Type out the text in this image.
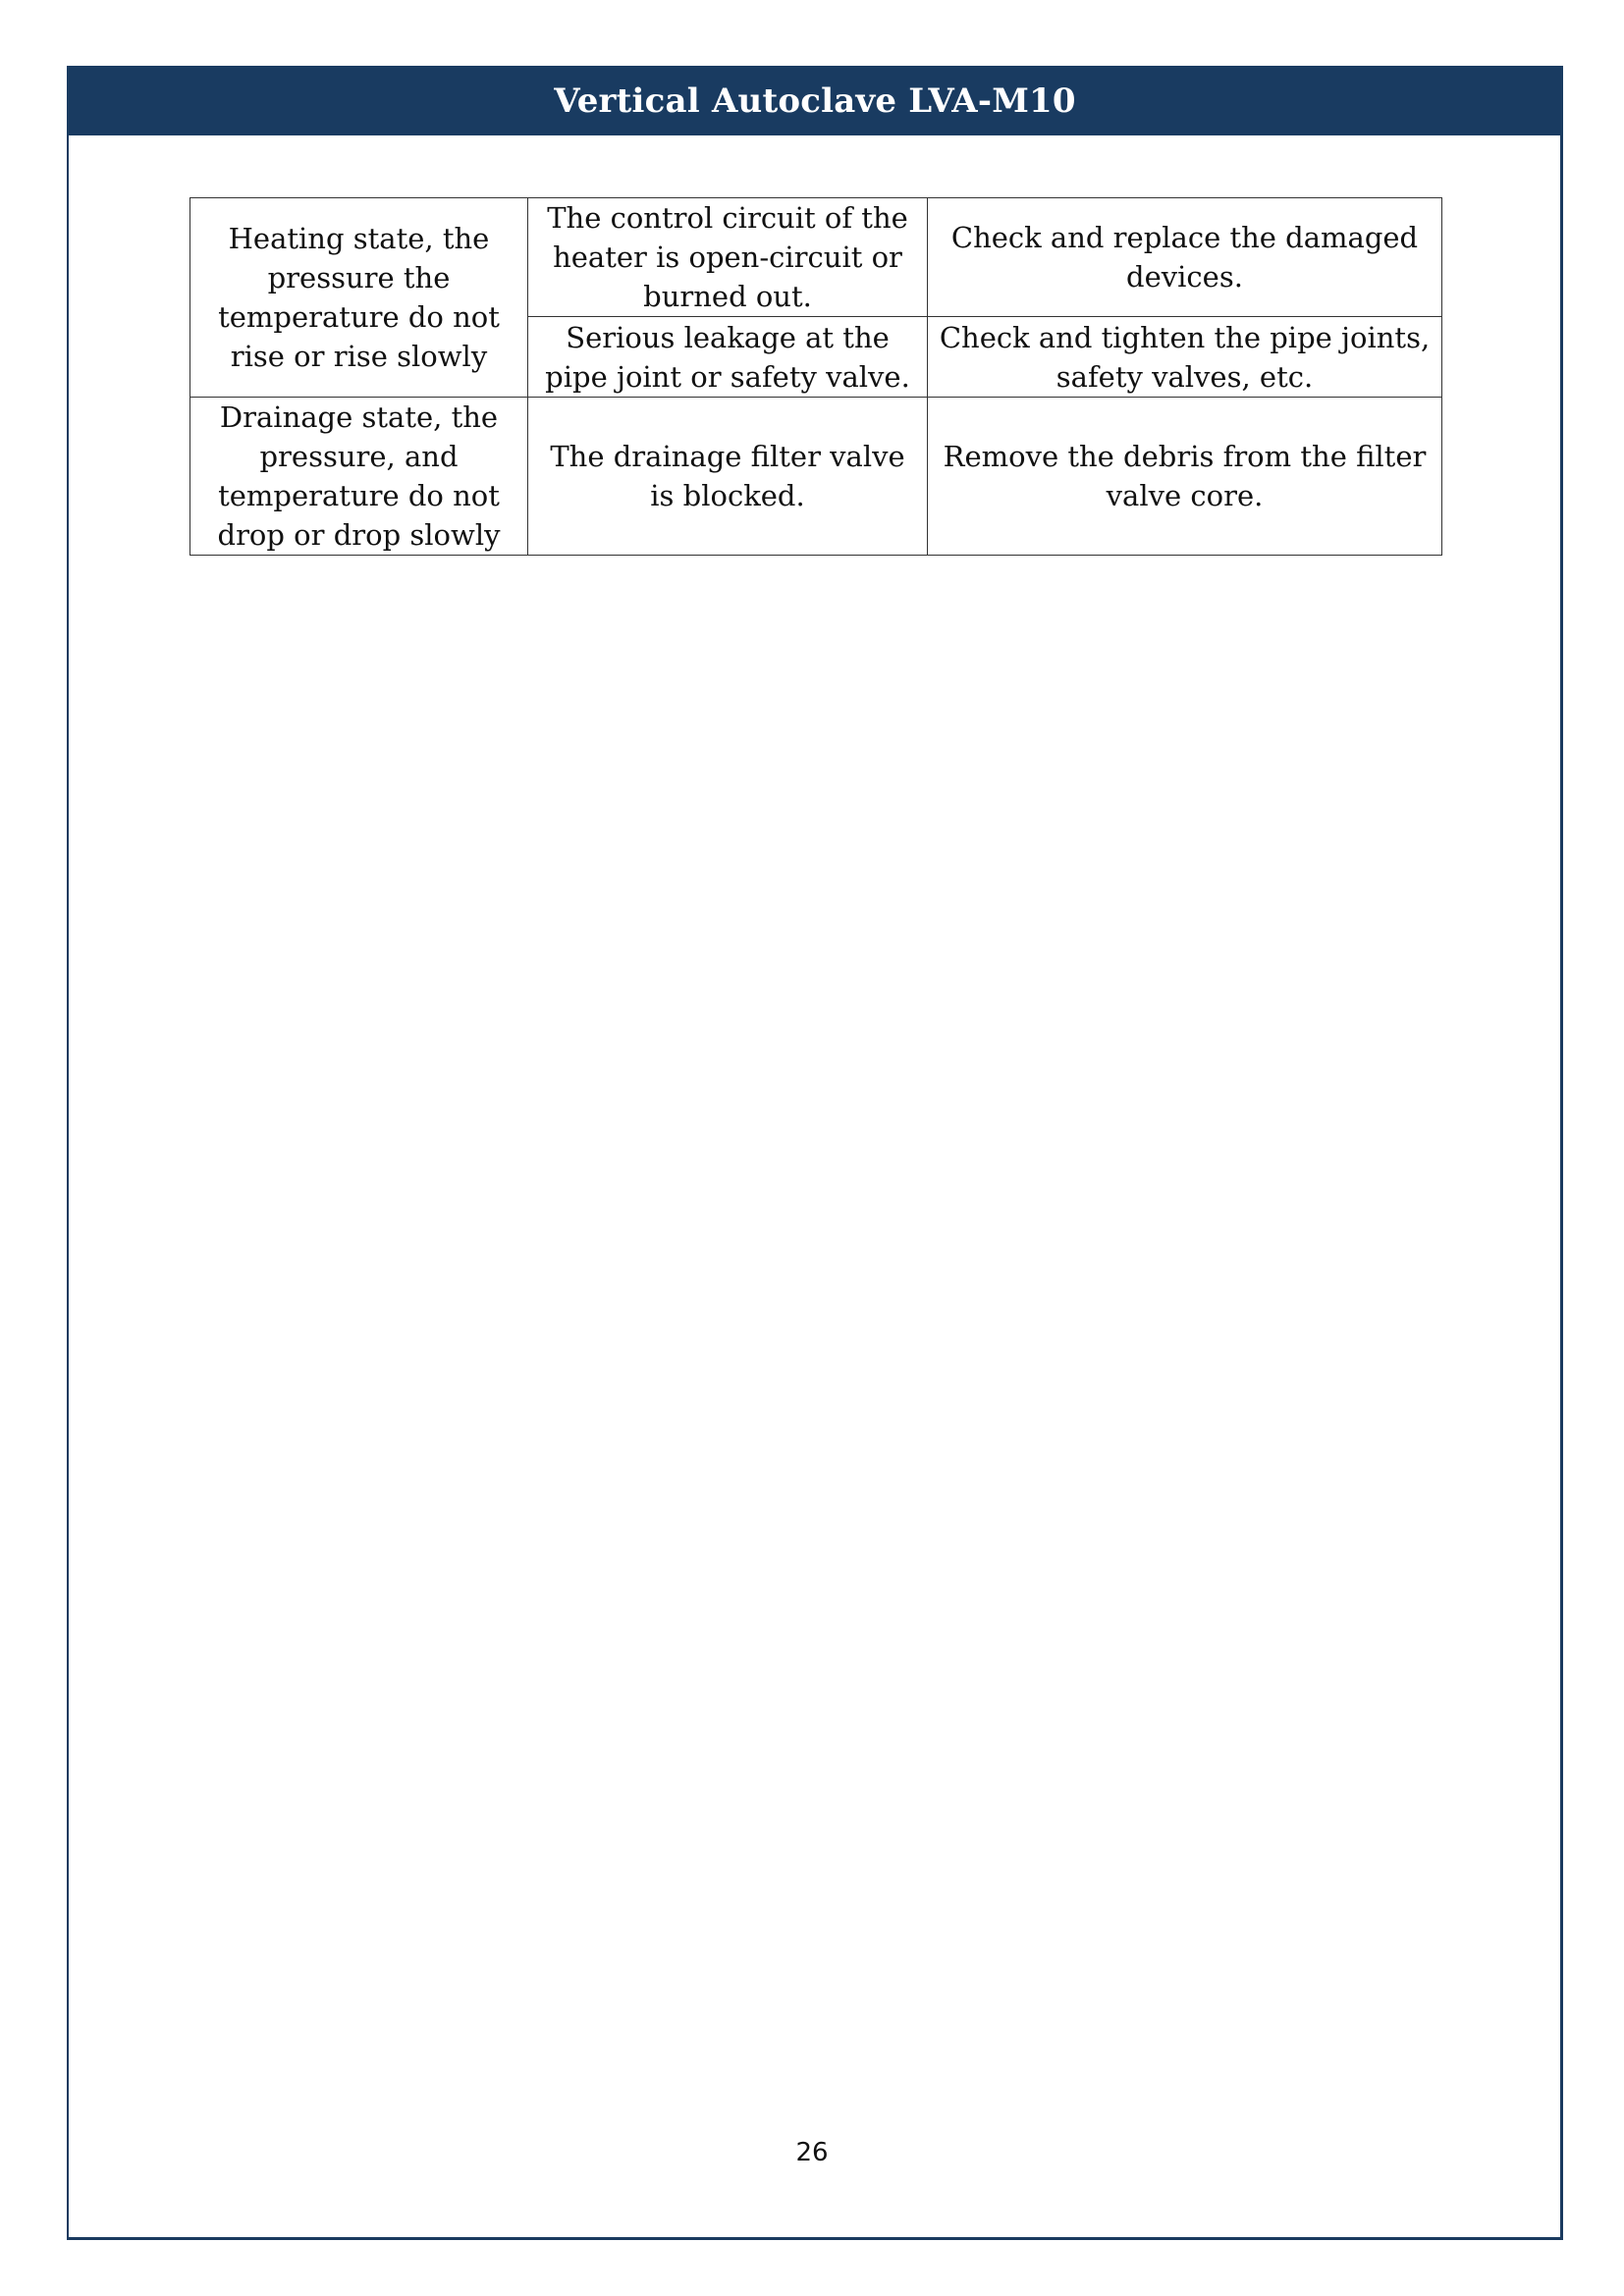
Vertical Autoclave LVA-M10
Heating state, the pressure the temperature do not rise or rise slowly	The control circuit of the heater is open-circuit or burned out.	Check and replace the damaged devices.
	Serious leakage at the pipe joint or safety valve.	Check and tighten the pipe joints, safety valves, etc.
Drainage state, the pressure, and temperature do not drop or drop slowly	The drainage filter valve is blocked.	Remove the debris from the filter valve core.
26
